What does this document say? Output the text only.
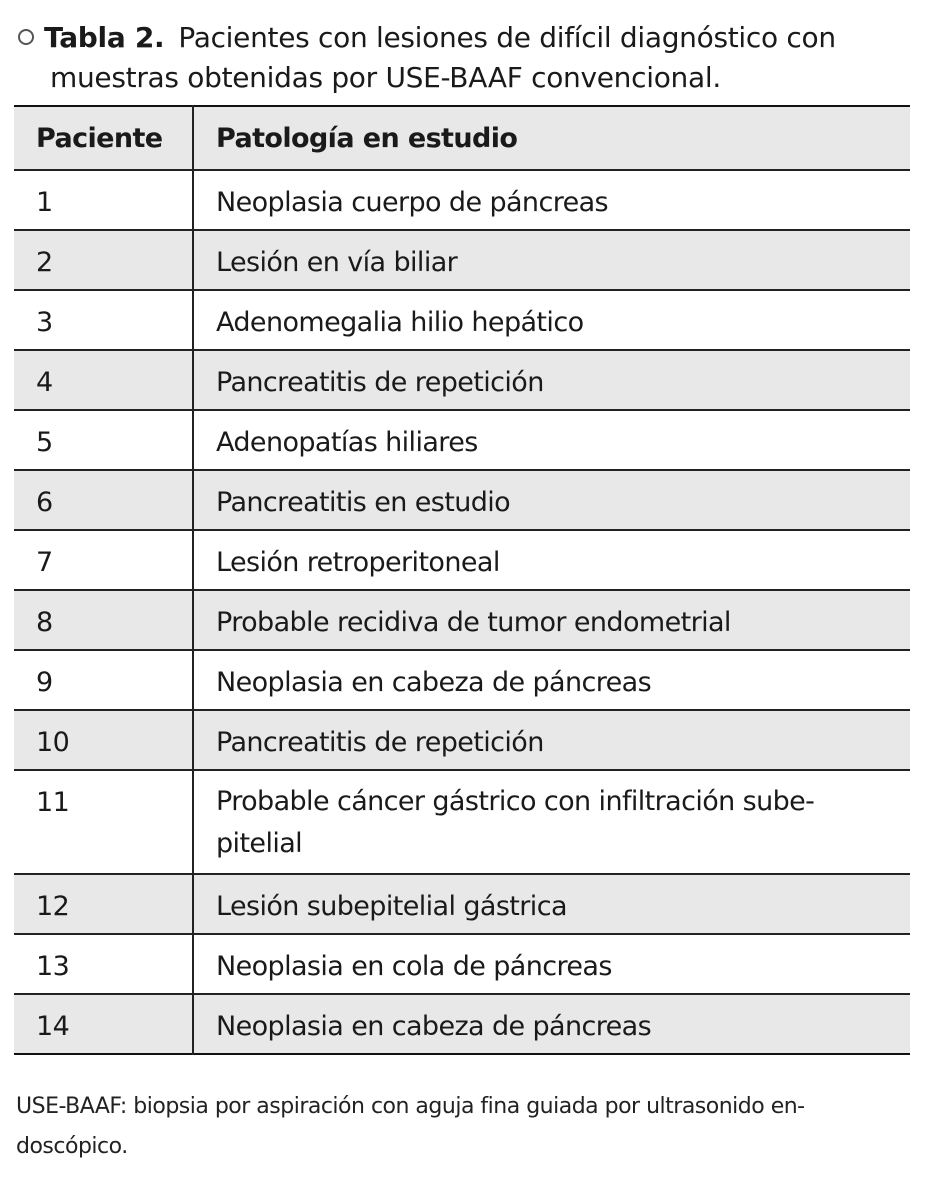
Tabla 2. Pacientes con lesiones de difícil diagnóstico con
muestras obtenidas por USE-BAAF convencional.
Paciente	Patología en estudio
1	Neoplasia cuerpo de páncreas
2	Lesión en vía biliar
3	Adenomegalia hilio hepático
4	Pancreatitis de repetición
5	Adenopatías hiliares
6	Pancreatitis en estudio
7	Lesión retroperitoneal
8	Probable recidiva de tumor endometrial
9	Neoplasia en cabeza de páncreas
10	Pancreatitis de repetición
11	Probable cáncer gástrico con infiltración sube-pitelial
12	Lesión subepitelial gástrica
13	Neoplasia en cola de páncreas
14	Neoplasia en cabeza de páncreas
USE-BAAF: biopsia por aspiración con aguja fina guiada por ultrasonido en-
doscópico.
